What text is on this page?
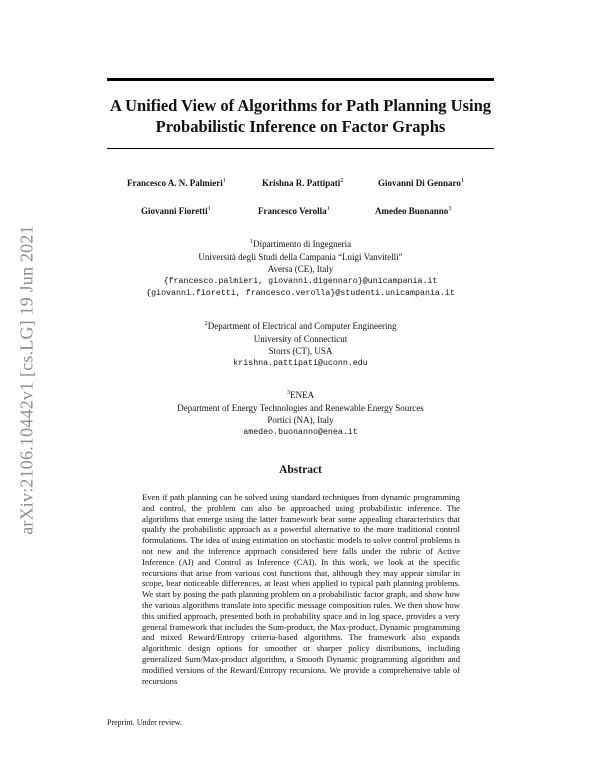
arXiv:2106.10442v1 [cs.LG] 19 Jun 2021
A Unified View of Algorithms for Path Planning Using Probabilistic Inference on Factor Graphs
Francesco A. N. Palmieri$^1$	Krishna R. Pattipati$^2$	Giovanni Di Gennaro$^1$
Giovanni Fioretti$^1$	Francesco Verolla$^1$	Amedeo Buonanno$^3$
$^1$Dipartimento di Ingegneria
Università degli Studi della Campania “Luigi Vanvitelli”
Aversa (CE), Italy
{francesco.palmieri, giovanni.digennaro}@unicampania.it
{giovanni.fioretti, francesco.verolla}@studenti.unicampania.it
$^2$Department of Electrical and Computer Engineering
University of Connecticut
Storrs (CT), USA
krishna.pattipati@uconn.edu
$^3$ENEA
Department of Energy Technologies and Renewable Energy Sources
Portici (NA), Italy
amedeo.buonanno@enea.it
Abstract
Even if path planning can be solved using standard techniques from dynamic programming and control, the problem can also be approached using probabilistic inference. The algorithms that emerge using the latter framework bear some appealing characteristics that qualify the probabilistic approach as a powerful alternative to the more traditional control formulations. The idea of using estimation on stochastic models to solve control problems is not new and the inference approach considered here falls under the rubric of Active Inference (AI) and Control as Inference (CAI). In this work, we look at the specific recursions that arise from various cost functions that, although they may appear similar in scope, bear noticeable differences, at least when applied to typical path planning problems. We start by posing the path planning problem on a probabilistic factor graph, and show how the various algorithms translate into specific message composition rules. We then show how this unified approach, presented both in probability space and in log space, provides a very general framework that includes the Sum-product, the Max-product, Dynamic programming and mixed Reward/Entropy criteria-based algorithms. The framework also expands algorithmic design options for smoother or sharper policy distributions, including generalized Sum/Max-product algorithm, a Smooth Dynamic programming algorithm and modified versions of the Reward/Entropy recursions. We provide a comprehensive table of recursions
Preprint. Under review.
